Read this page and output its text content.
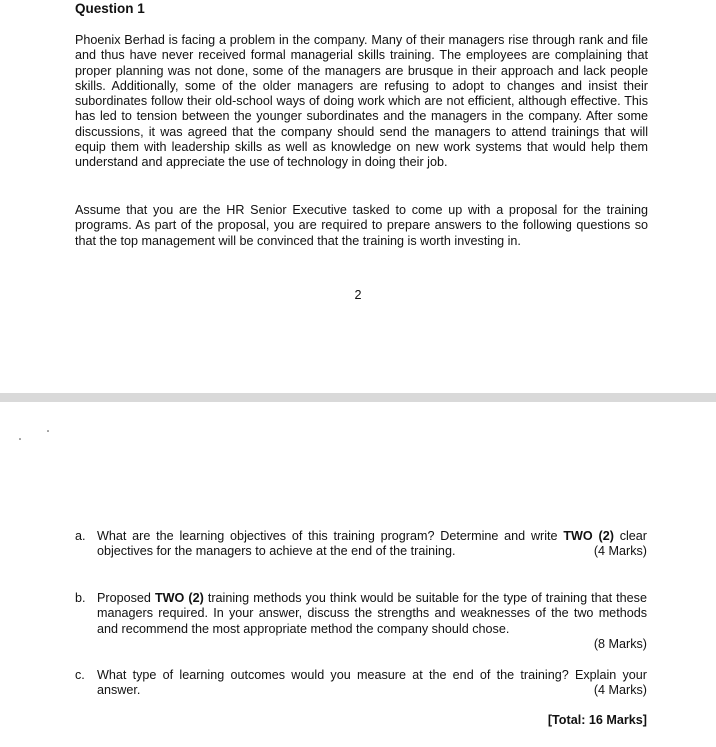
Question 1

Phoenix Berhad is facing a problem in the company. Many of their managers rise through rank and file and thus have never received formal managerial skills training. The employees are complaining that proper planning was not done, some of the managers are brusque in their approach and lack people skills. Additionally, some of the older managers are refusing to adopt to changes and insist their subordinates follow their old-school ways of doing work which are not efficient, although effective. This has led to tension between the younger subordinates and the managers in the company. After some discussions, it was agreed that the company should send the managers to attend trainings that will equip them with leadership skills as well as knowledge on new work systems that would help them understand and appreciate the use of technology in doing their job.

Assume that you are the HR Senior Executive tasked to come up with a proposal for the training programs. As part of the proposal, you are required to prepare answers to the following questions so that the top management will be convinced that the training is worth investing in.

2
a. What are the learning objectives of this training program? Determine and write TWO (2) clear objectives for the managers to achieve at the end of the training.	(4 Marks)
b. Proposed TWO (2) training methods you think would be suitable for the type of training that these managers required. In your answer, discuss the strengths and weaknesses of the two methods and recommend the most appropriate method the company should chose.
(8 Marks)
c. What type of learning outcomes would you measure at the end of the training? Explain your answer.	(4 Marks)
[Total: 16 Marks]
